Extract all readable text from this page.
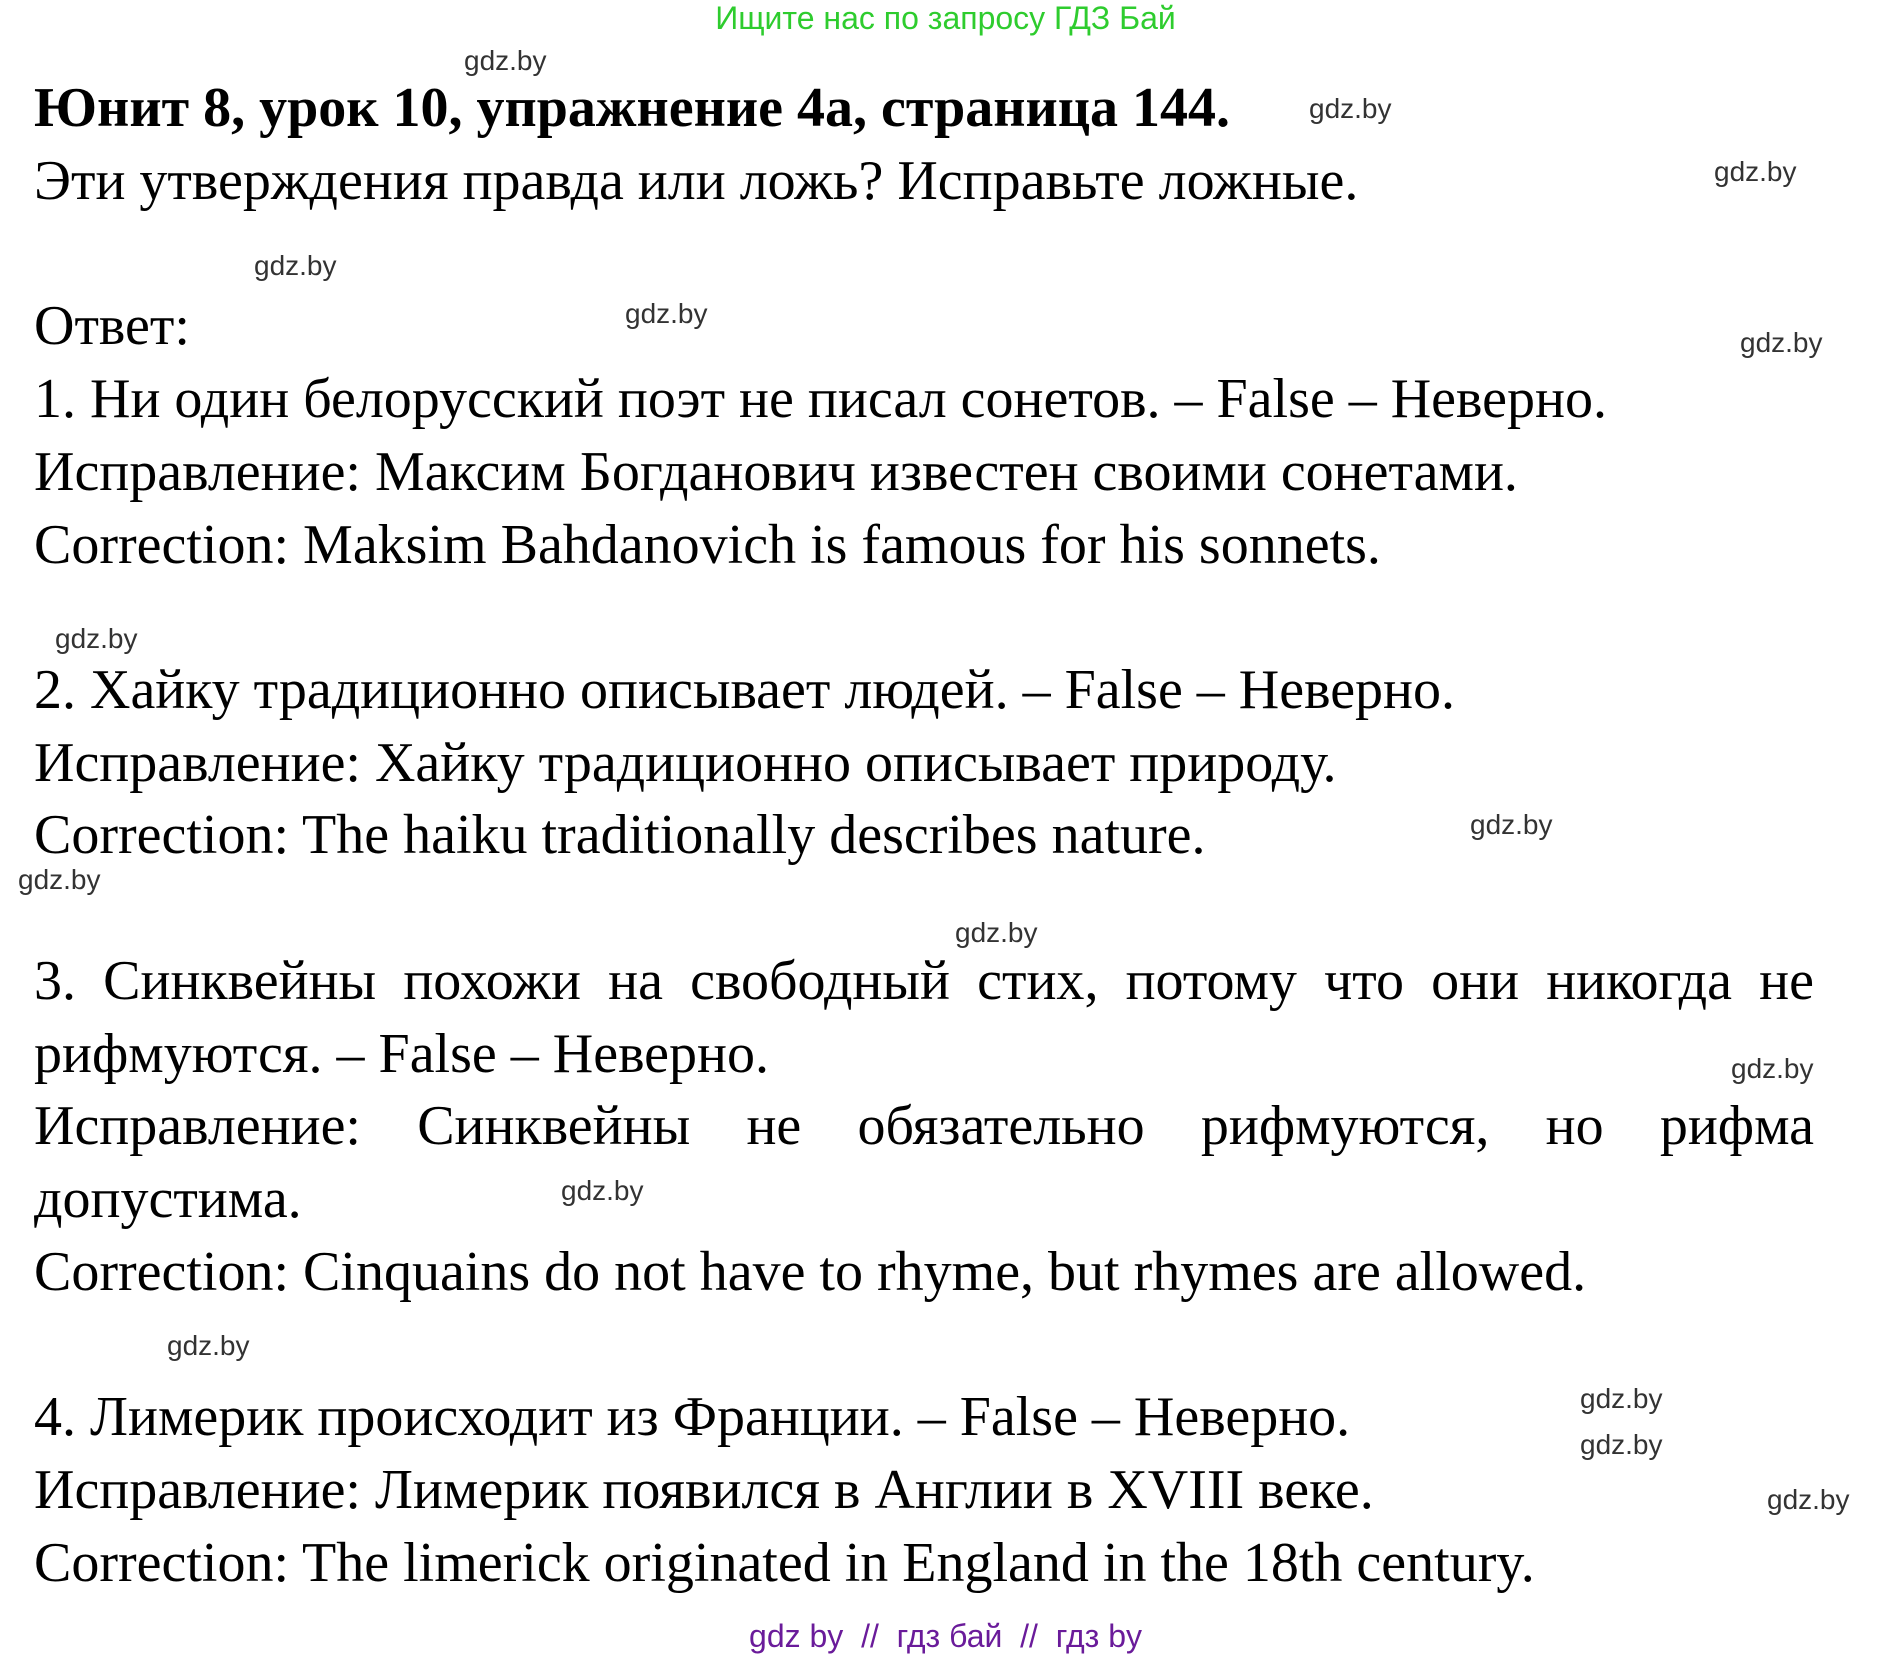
Ищите нас по запросу ГДЗ Бай
Юнит 8, урок 10, упражнение 4а, страница 144.
Эти утверждения правда или ложь? Исправьте ложные.
Ответ:
1. Ни один белорусский поэт не писал сонетов. – False – Неверно.
Исправление: Максим Богданович известен своими сонетами.
Correction: Maksim Bahdanovich is famous for his sonnets.
2. Хайку традиционно описывает людей. – False – Неверно.
Исправление: Хайку традиционно описывает природу.
Correction: The haiku traditionally describes nature.
3. Синквейны похожи на свободный стих, потому что они никогда не
рифмуются. – False – Неверно.
Исправление: Синквейны не обязательно рифмуются, но рифма
допустима.
Correction: Cinquains do not have to rhyme, but rhymes are allowed.
4. Лимерик происходит из Франции. – False – Неверно.
Исправление: Лимерик появился в Англии в XVIII веке.
Correction: The limerick originated in England in the 18th century.
gdz.by
gdz.by
gdz.by
gdz.by
gdz.by
gdz.by
gdz.by
gdz.by
gdz.by
gdz.by
gdz.by
gdz.by
gdz.by
gdz.by
gdz.by
gdz.by
gdz by  //  гдз бай  //  гдз by
